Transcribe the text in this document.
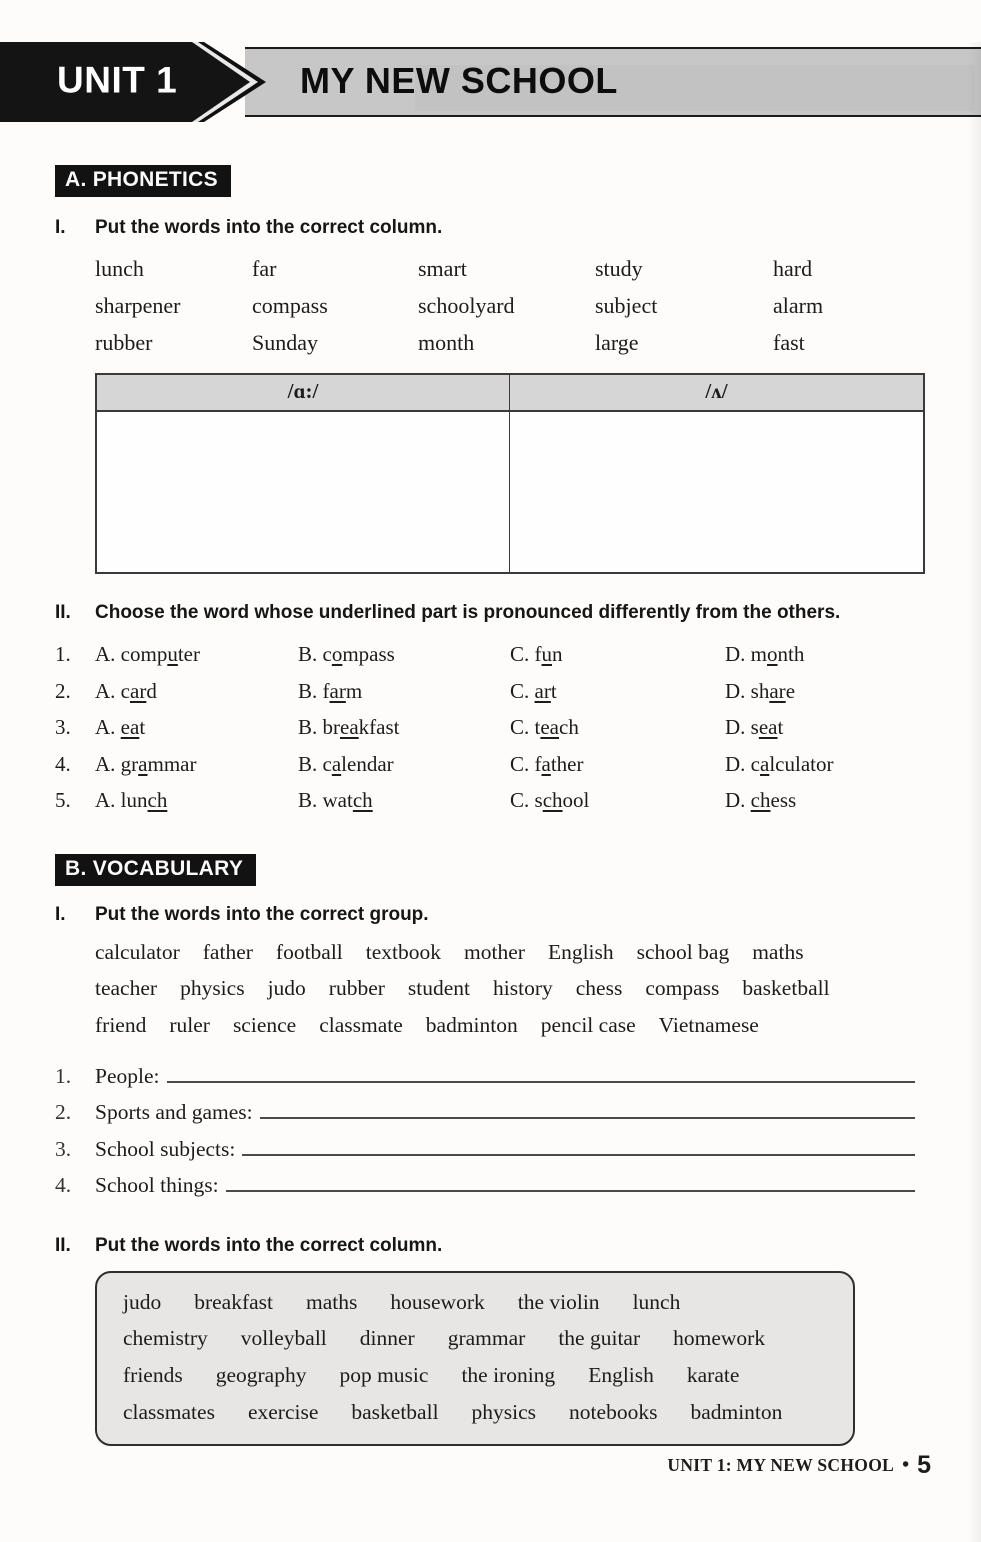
UNIT 1	MY NEW SCHOOL
A. PHONETICS
I.	Put the words into the correct column.
lunch	far	smart	study	hard
sharpener	compass	schoolyard	subject	alarm
rubber	Sunday	month	large	fast
/ɑ:/	/ʌ/
II.	Choose the word whose underlined part is pronounced differently from the others.
1.	A. computer	B. compass	C. fun	D. month
2.	A. card	B. farm	C. art	D. share
3.	A. eat	B. breakfast	C. teach	D. seat
4.	A. grammar	B. calendar	C. father	D. calculator
5.	A. lunch	B. watch	C. school	D. chess
B. VOCABULARY
I.	Put the words into the correct group.
calculator father football textbook mother English school bag maths
teacher physics judo rubber student history chess compass basketball
friend ruler science classmate badminton pencil case Vietnamese
1.	People:
2.	Sports and games:
3.	School subjects:
4.	School things:
II.	Put the words into the correct column.
judo breakfast maths housework the violin lunch
chemistry volleyball dinner grammar the guitar homework
friends geography pop music the ironing English karate
classmates exercise basketball physics notebooks badminton
UNIT 1: MY NEW SCHOOL • 5
